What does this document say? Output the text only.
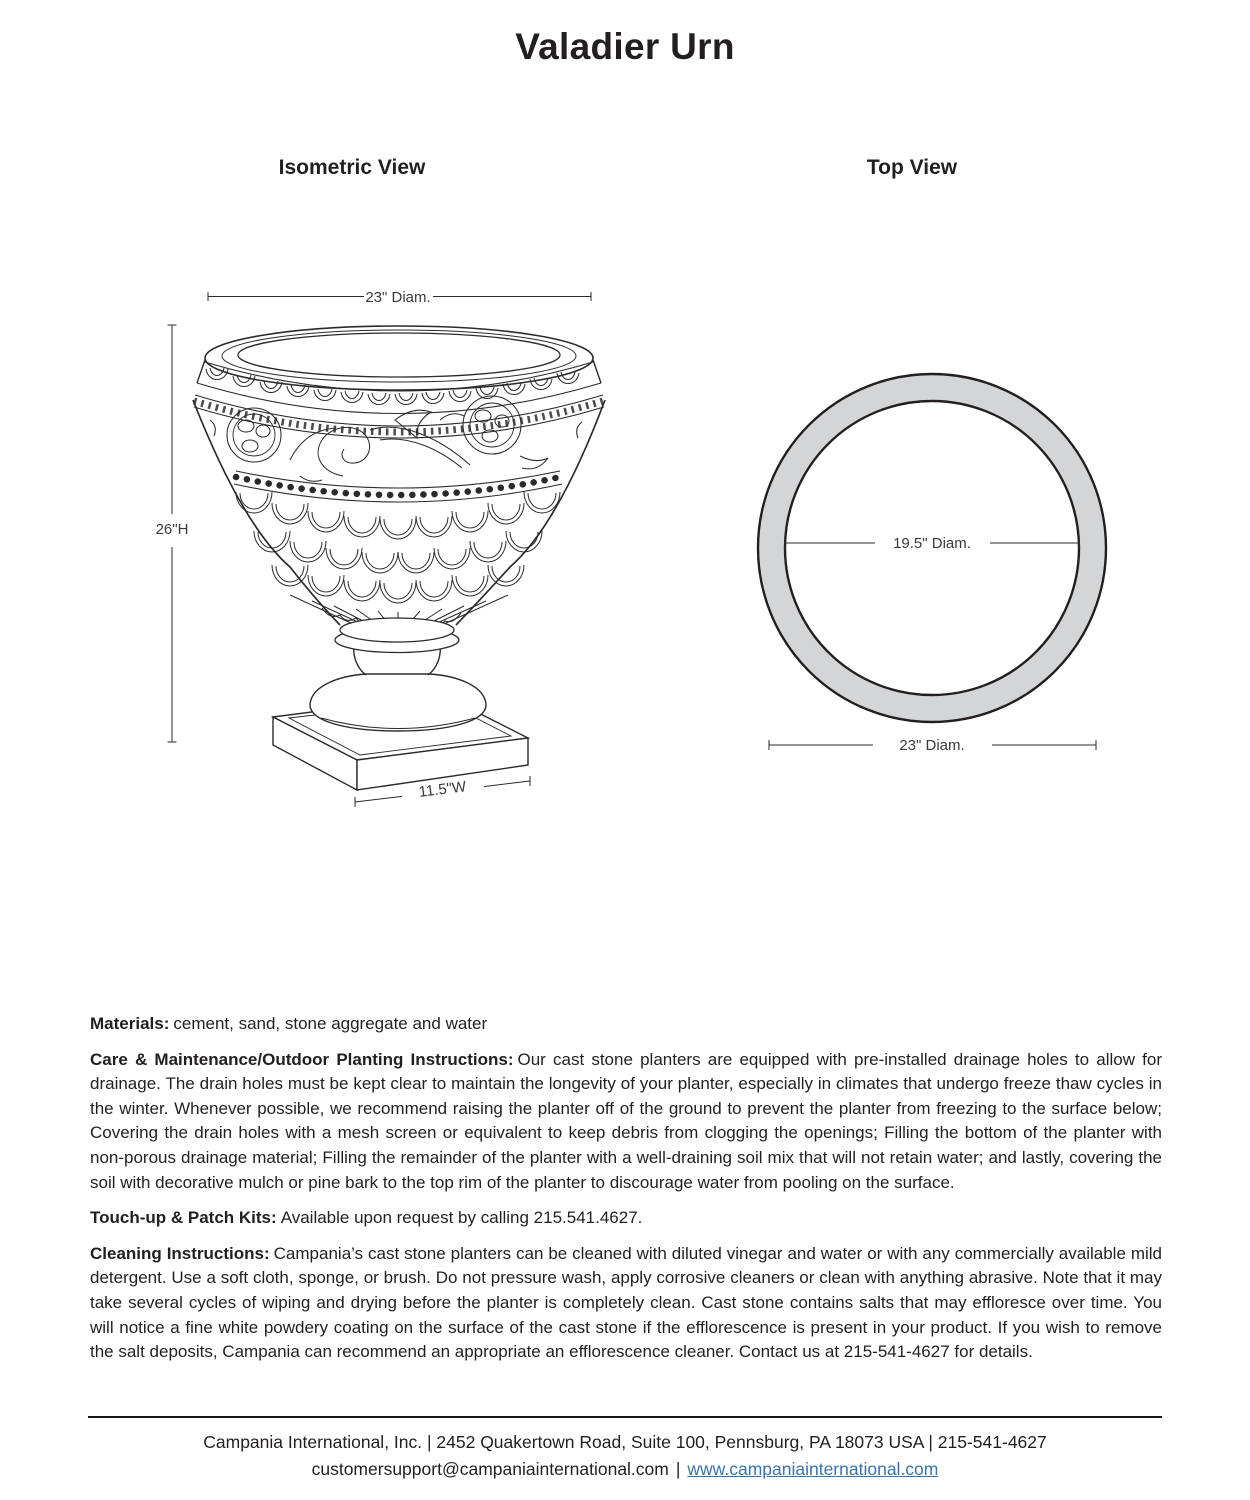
Valadier Urn
Isometric View	Top View
23" Diam.
26"H
11.5"W
19.5" Diam.
23" Diam.

Materials: cement, sand, stone aggregate and water

Care & Maintenance/Outdoor Planting Instructions: Our cast stone planters are equipped with pre-installed drainage holes to allow for drainage. The drain holes must be kept clear to maintain the longevity of your planter, especially in climates that undergo freeze thaw cycles in the winter. Whenever possible, we recommend raising the planter off of the ground to prevent the planter from freezing to the surface below; Covering the drain holes with a mesh screen or equivalent to keep debris from clogging the openings; Filling the bottom of the planter with non-porous drainage material; Filling the remainder of the planter with a well-draining soil mix that will not retain water; and lastly, covering the soil with decorative mulch or pine bark to the top rim of the planter to discourage water from pooling on the surface.

Touch-up & Patch Kits: Available upon request by calling 215.541.4627.

Cleaning Instructions: Campania’s cast stone planters can be cleaned with diluted vinegar and water or with any commercially available mild detergent. Use a soft cloth, sponge, or brush. Do not pressure wash, apply corrosive cleaners or clean with anything abrasive. Note that it may take several cycles of wiping and drying before the planter is completely clean. Cast stone contains salts that may effloresce over time. You will notice a fine white powdery coating on the surface of the cast stone if the efflorescence is present in your product. If you wish to remove the salt deposits, Campania can recommend an appropriate an efflorescence cleaner. Contact us at 215-541-4627 for details.

Campania International, Inc. | 2452 Quakertown Road, Suite 100, Pennsburg, PA 18073 USA | 215-541-4627
customersupport@campaniainternational.com | www.campaniainternational.com
